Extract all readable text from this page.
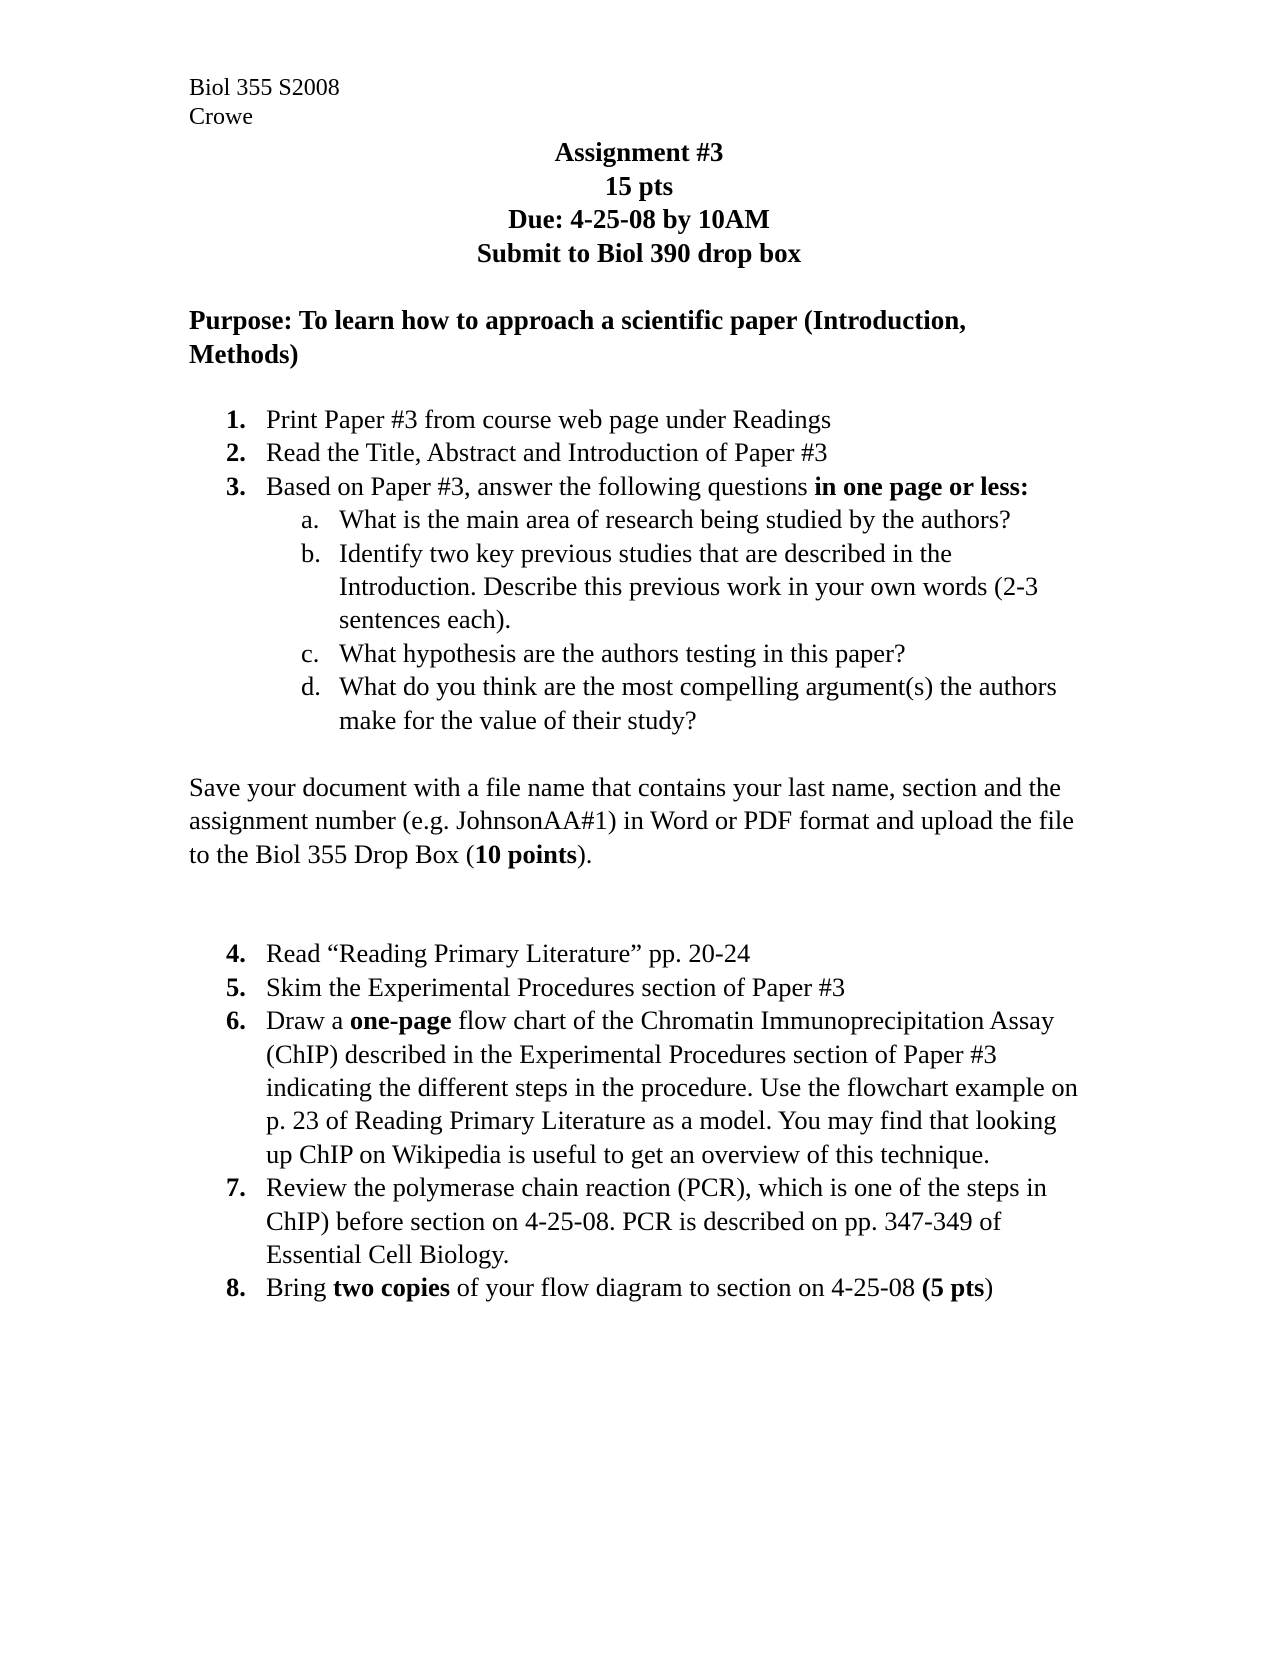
Biol 355 S2008
Crowe
Assignment #3
15 pts
Due: 4-25-08 by 10AM
Submit to Biol 390 drop box
Purpose: To learn how to approach a scientific paper (Introduction, Methods)
1. Print Paper #3 from course web page under Readings
2. Read the Title, Abstract and Introduction of Paper #3
3. Based on Paper #3, answer the following questions in one page or less:
a. What is the main area of research being studied by the authors?
b. Identify two key previous studies that are described in the Introduction. Describe this previous work in your own words (2-3 sentences each).
c. What hypothesis are the authors testing in this paper?
d. What do you think are the most compelling argument(s) the authors make for the value of their study?
Save your document with a file name that contains your last name, section and the assignment number (e.g. JohnsonAA#1) in Word or PDF format and upload the file to the Biol 355 Drop Box (10 points).
4. Read “Reading Primary Literature” pp. 20-24
5. Skim the Experimental Procedures section of Paper #3
6. Draw a one-page flow chart of the Chromatin Immunoprecipitation Assay (ChIP) described in the Experimental Procedures section of Paper #3 indicating the different steps in the procedure. Use the flowchart example on p. 23 of Reading Primary Literature as a model. You may find that looking up ChIP on Wikipedia is useful to get an overview of this technique.
7. Review the polymerase chain reaction (PCR), which is one of the steps in ChIP) before section on 4-25-08. PCR is described on pp. 347-349 of Essential Cell Biology.
8. Bring two copies of your flow diagram to section on 4-25-08 (5 pts)
